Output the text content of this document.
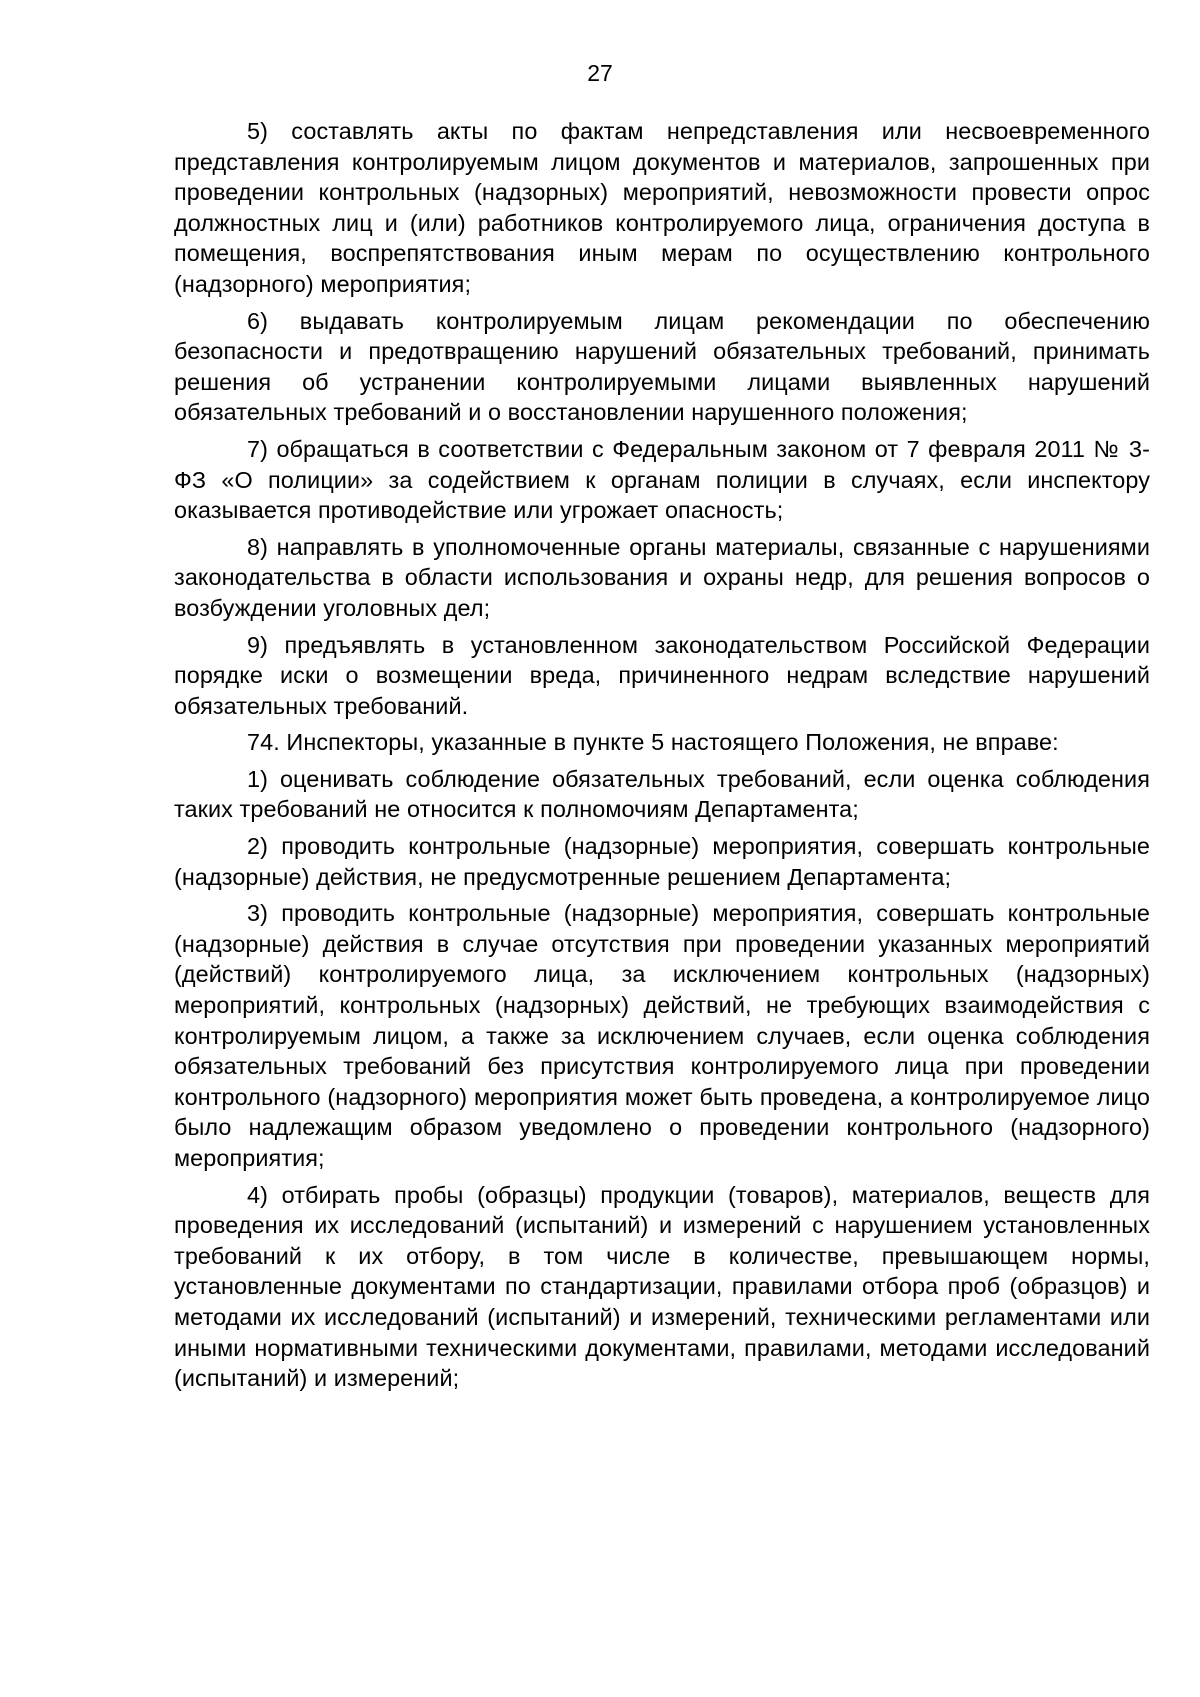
27

5) составлять акты по фактам непредставления или несвоевременного представления контролируемым лицом документов и материалов, запрошенных при проведении контрольных (надзорных) мероприятий, невозможности провести опрос должностных лиц и (или) работников контролируемого лица, ограничения доступа в помещения, воспрепятствования иным мерам по осуществлению контрольного (надзорного) мероприятия;

6) выдавать контролируемым лицам рекомендации по обеспечению безопасности и предотвращению нарушений обязательных требований, принимать решения об устранении контролируемыми лицами выявленных нарушений обязательных требований и о восстановлении нарушенного положения;

7) обращаться в соответствии с Федеральным законом от 7 февраля 2011 № 3-ФЗ «О полиции» за содействием к органам полиции в случаях, если инспектору оказывается противодействие или угрожает опасность;

8) направлять в уполномоченные органы материалы, связанные с нарушениями законодательства в области использования и охраны недр, для решения вопросов о возбуждении уголовных дел;

9) предъявлять в установленном законодательством Российской Федерации порядке иски о возмещении вреда, причиненного недрам вследствие нарушений обязательных требований.

74. Инспекторы, указанные в пункте 5 настоящего Положения, не вправе:

1) оценивать соблюдение обязательных требований, если оценка соблюдения таких требований не относится к полномочиям Департамента;

2) проводить контрольные (надзорные) мероприятия, совершать контрольные (надзорные) действия, не предусмотренные решением Департамента;

3) проводить контрольные (надзорные) мероприятия, совершать контрольные (надзорные) действия в случае отсутствия при проведении указанных мероприятий (действий) контролируемого лица, за исключением контрольных (надзорных) мероприятий, контрольных (надзорных) действий, не требующих взаимодействия с контролируемым лицом, а также за исключением случаев, если оценка соблюдения обязательных требований без присутствия контролируемого лица при проведении контрольного (надзорного) мероприятия может быть проведена, а контролируемое лицо было надлежащим образом уведомлено о проведении контрольного (надзорного) мероприятия;

4) отбирать пробы (образцы) продукции (товаров), материалов, веществ для проведения их исследований (испытаний) и измерений с нарушением установленных требований к их отбору, в том числе в количестве, превышающем нормы, установленные документами по стандартизации, правилами отбора проб (образцов) и методами их исследований (испытаний) и измерений, техническими регламентами или иными нормативными техническими документами, правилами, методами исследований (испытаний) и измерений;
